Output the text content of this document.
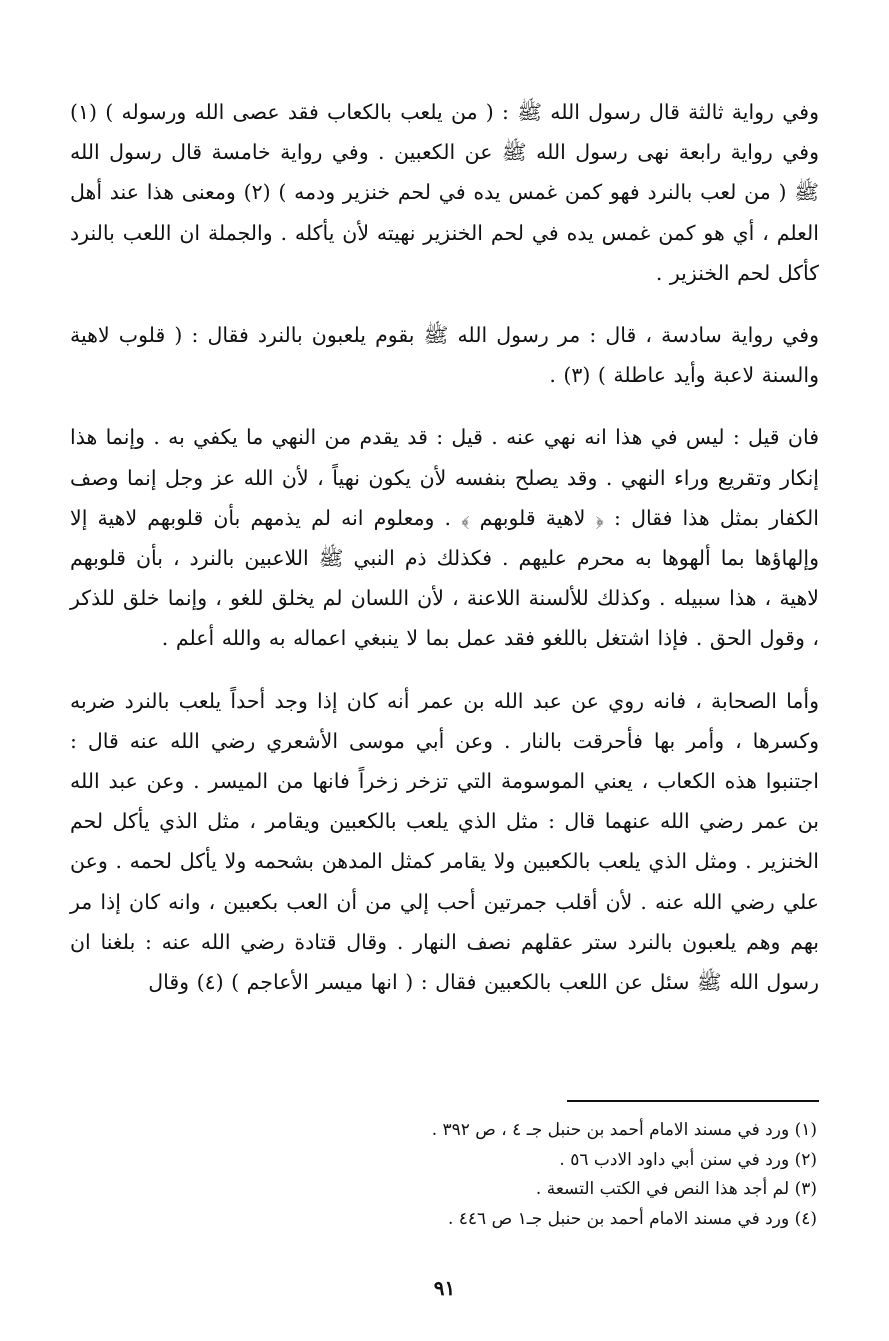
وفي رواية ثالثة قال رسول الله ﷺ : ( من يلعب بالكعاب فقد عصى الله ورسوله ) (١) وفي رواية رابعة نهى رسول الله ﷺ عن الكعبين . وفي رواية خامسة قال رسول الله ﷺ ( من لعب بالنرد فهو كمن غمس يده في لحم خنزير ودمه ) (٢) ومعنى هذا عند أهل العلم ، أي هو كمن غمس يده في لحم الخنزير نهيته لأن يأكله . والجملة ان اللعب بالنرد كأكل لحم الخنزير .

وفي رواية سادسة ، قال : مر رسول الله ﷺ بقوم يلعبون بالنرد فقال : ( قلوب لاهية والسنة لاعبة وأيد عاطلة ) (٣) .

فان قيل : ليس في هذا انه نهي عنه . قيل : قد يقدم من النهي ما يكفي به . وإنما هذا إنكار وتقريع وراء النهي . وقد يصلح بنفسه لأن يكون نهياً ، لأن الله عز وجل إنما وصف الكفار بمثل هذا فقال : ﴿ لاهية قلوبهم ﴾ . ومعلوم انه لم يذمهم بأن قلوبهم لاهية إلا وإلهاؤها بما ألهوها به محرم عليهم . فكذلك ذم النبي ﷺ اللاعبين بالنرد ، بأن قلوبهم لاهية ، هذا سبيله . وكذلك للألسنة اللاعنة ، لأن اللسان لم يخلق للغو ، وإنما خلق للذكر ، وقول الحق . فإذا اشتغل باللغو فقد عمل بما لا ينبغي اعماله به والله أعلم .

وأما الصحابة ، فانه روي عن عبد الله بن عمر أنه كان إذا وجد أحداً يلعب بالنرد ضربه وكسرها ، وأمر بها فأحرقت بالنار . وعن أبي موسى الأشعري رضي الله عنه قال : اجتنبوا هذه الكعاب ، يعني الموسومة التي تزخر زخراً فانها من الميسر . وعن عبد الله بن عمر رضي الله عنهما قال : مثل الذي يلعب بالكعبين ويقامر ، مثل الذي يأكل لحم الخنزير . ومثل الذي يلعب بالكعبين ولا يقامر كمثل المدهن بشحمه ولا يأكل لحمه . وعن علي رضي الله عنه . لأن أقلب جمرتين أحب إلي من أن العب بكعبين ، وانه كان إذا مر بهم وهم يلعبون بالنرد ستر عقلهم نصف النهار . وقال قتادة رضي الله عنه : بلغنا ان رسول الله ﷺ سئل عن اللعب بالكعبين فقال : ( انها ميسر الأعاجم ) (٤) وقال

(١) ورد في مسند الامام أحمد بن حنبل جـ ٤ ، ص ٣٩٢ .

(٢) ورد في سنن أبي داود الادب ٥٦ .

(٣) لم أجد هذا النص في الكتب التسعة .

(٤) ورد في مسند الامام أحمد بن حنبل جـ١ ص ٤٤٦ .

٩١
